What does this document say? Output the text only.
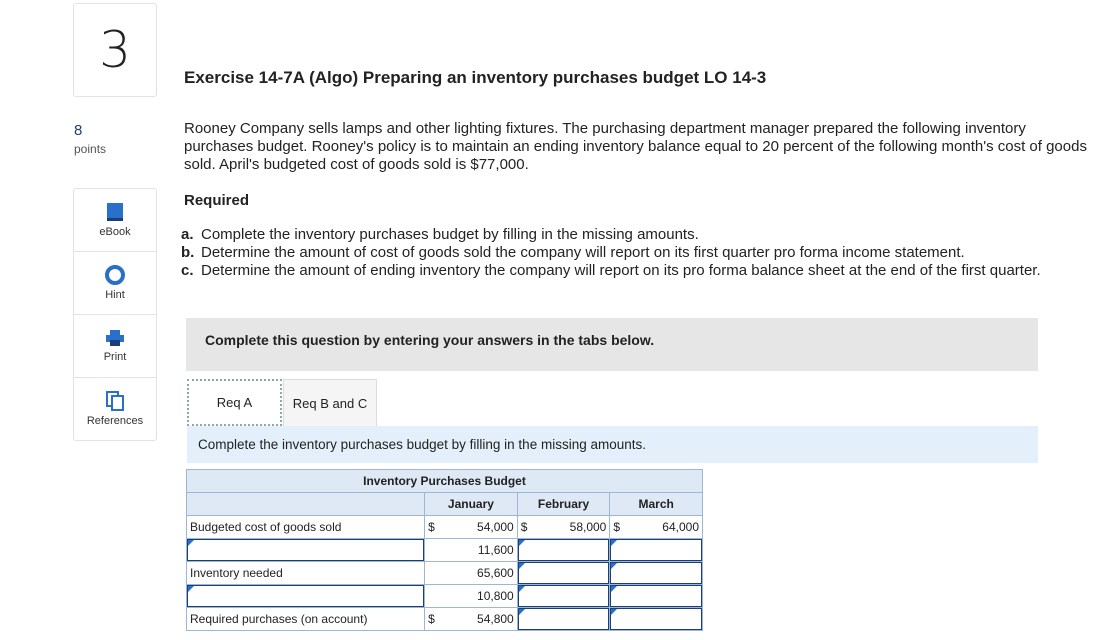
3
8
points
eBook
Hint
Print
References
Exercise 14-7A (Algo) Preparing an inventory purchases budget LO 14-3
Rooney Company sells lamps and other lighting fixtures. The purchasing department manager prepared the following inventory purchases budget. Rooney's policy is to maintain an ending inventory balance equal to 20 percent of the following month's cost of goods sold. April's budgeted cost of goods sold is $77,000.
Required
a. Complete the inventory purchases budget by filling in the missing amounts.
b. Determine the amount of cost of goods sold the company will report on its first quarter pro forma income statement.
c. Determine the amount of ending inventory the company will report on its pro forma balance sheet at the end of the first quarter.
Complete this question by entering your answers in the tabs below.
Req A	Req B and C
Complete the inventory purchases budget by filling in the missing amounts.
Inventory Purchases Budget						
	January		February		March	
Budgeted cost of goods sold	$	54,000	$	58,000	$	64,000

		11,600			

Inventory needed		65,600			

		10,800			

Required purchases (on account)	$	54,800			
